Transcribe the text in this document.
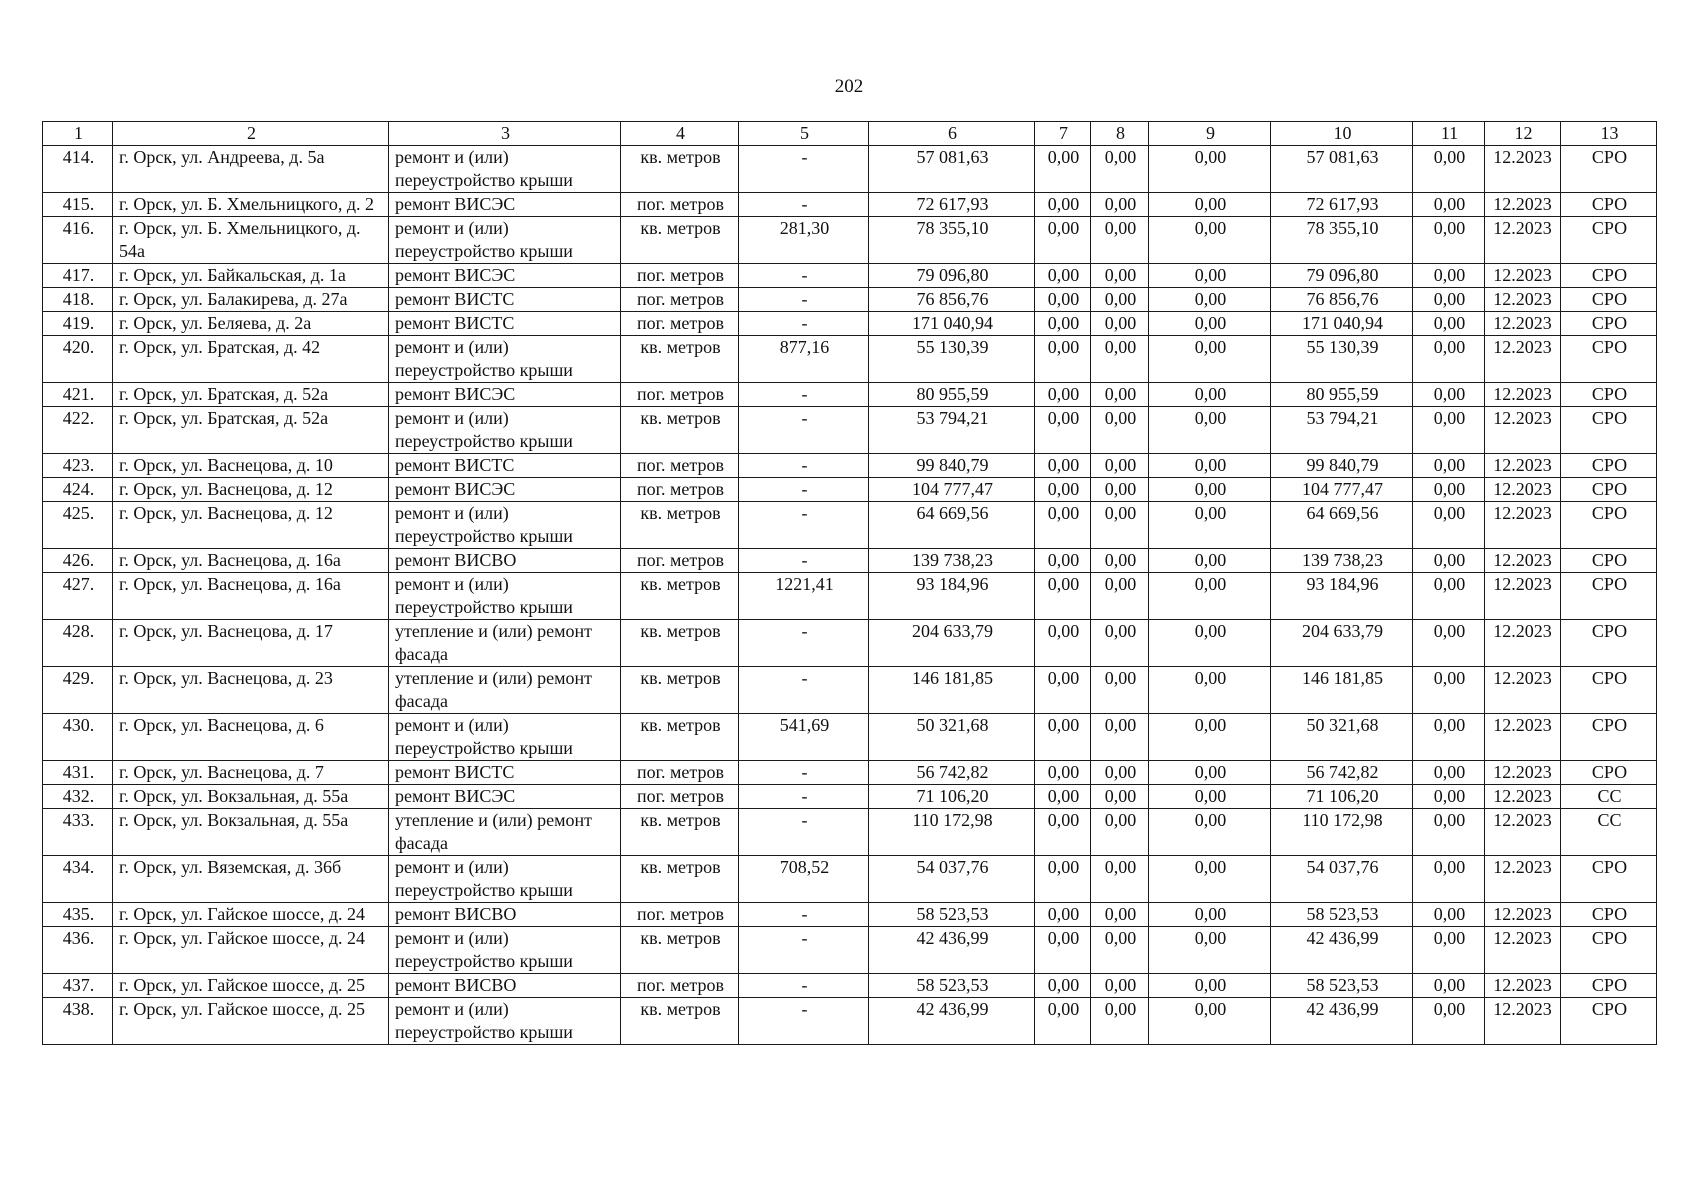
202
1	2	3	4	5	6	7	8	9	10	11	12	13
414.	г. Орск, ул. Андреева, д. 5а	ремонт и (или) переустройство крыши	кв. метров	-	57 081,63	0,00	0,00	0,00	57 081,63	0,00	12.2023	СРО
415.	г. Орск, ул. Б. Хмельницкого, д. 2	ремонт ВИСЭС	пог. метров	-	72 617,93	0,00	0,00	0,00	72 617,93	0,00	12.2023	СРО
416.	г. Орск, ул. Б. Хмельницкого, д. 54а	ремонт и (или) переустройство крыши	кв. метров	281,30	78 355,10	0,00	0,00	0,00	78 355,10	0,00	12.2023	СРО
417.	г. Орск, ул. Байкальская, д. 1а	ремонт ВИСЭС	пог. метров	-	79 096,80	0,00	0,00	0,00	79 096,80	0,00	12.2023	СРО
418.	г. Орск, ул. Балакирева, д. 27а	ремонт ВИСТС	пог. метров	-	76 856,76	0,00	0,00	0,00	76 856,76	0,00	12.2023	СРО
419.	г. Орск, ул. Беляева, д. 2а	ремонт ВИСТС	пог. метров	-	171 040,94	0,00	0,00	0,00	171 040,94	0,00	12.2023	СРО
420.	г. Орск, ул. Братская, д. 42	ремонт и (или) переустройство крыши	кв. метров	877,16	55 130,39	0,00	0,00	0,00	55 130,39	0,00	12.2023	СРО
421.	г. Орск, ул. Братская, д. 52а	ремонт ВИСЭС	пог. метров	-	80 955,59	0,00	0,00	0,00	80 955,59	0,00	12.2023	СРО
422.	г. Орск, ул. Братская, д. 52а	ремонт и (или) переустройство крыши	кв. метров	-	53 794,21	0,00	0,00	0,00	53 794,21	0,00	12.2023	СРО
423.	г. Орск, ул. Васнецова, д. 10	ремонт ВИСТС	пог. метров	-	99 840,79	0,00	0,00	0,00	99 840,79	0,00	12.2023	СРО
424.	г. Орск, ул. Васнецова, д. 12	ремонт ВИСЭС	пог. метров	-	104 777,47	0,00	0,00	0,00	104 777,47	0,00	12.2023	СРО
425.	г. Орск, ул. Васнецова, д. 12	ремонт и (или) переустройство крыши	кв. метров	-	64 669,56	0,00	0,00	0,00	64 669,56	0,00	12.2023	СРО
426.	г. Орск, ул. Васнецова, д. 16а	ремонт ВИСВО	пог. метров	-	139 738,23	0,00	0,00	0,00	139 738,23	0,00	12.2023	СРО
427.	г. Орск, ул. Васнецова, д. 16а	ремонт и (или) переустройство крыши	кв. метров	1221,41	93 184,96	0,00	0,00	0,00	93 184,96	0,00	12.2023	СРО
428.	г. Орск, ул. Васнецова, д. 17	утепление и (или) ремонт фасада	кв. метров	-	204 633,79	0,00	0,00	0,00	204 633,79	0,00	12.2023	СРО
429.	г. Орск, ул. Васнецова, д. 23	утепление и (или) ремонт фасада	кв. метров	-	146 181,85	0,00	0,00	0,00	146 181,85	0,00	12.2023	СРО
430.	г. Орск, ул. Васнецова, д. 6	ремонт и (или) переустройство крыши	кв. метров	541,69	50 321,68	0,00	0,00	0,00	50 321,68	0,00	12.2023	СРО
431.	г. Орск, ул. Васнецова, д. 7	ремонт ВИСТС	пог. метров	-	56 742,82	0,00	0,00	0,00	56 742,82	0,00	12.2023	СРО
432.	г. Орск, ул. Вокзальная, д. 55а	ремонт ВИСЭС	пог. метров	-	71 106,20	0,00	0,00	0,00	71 106,20	0,00	12.2023	СС
433.	г. Орск, ул. Вокзальная, д. 55а	утепление и (или) ремонт фасада	кв. метров	-	110 172,98	0,00	0,00	0,00	110 172,98	0,00	12.2023	СС
434.	г. Орск, ул. Вяземская, д. 36б	ремонт и (или) переустройство крыши	кв. метров	708,52	54 037,76	0,00	0,00	0,00	54 037,76	0,00	12.2023	СРО
435.	г. Орск, ул. Гайское шоссе, д. 24	ремонт ВИСВО	пог. метров	-	58 523,53	0,00	0,00	0,00	58 523,53	0,00	12.2023	СРО
436.	г. Орск, ул. Гайское шоссе, д. 24	ремонт и (или) переустройство крыши	кв. метров	-	42 436,99	0,00	0,00	0,00	42 436,99	0,00	12.2023	СРО
437.	г. Орск, ул. Гайское шоссе, д. 25	ремонт ВИСВО	пог. метров	-	58 523,53	0,00	0,00	0,00	58 523,53	0,00	12.2023	СРО
438.	г. Орск, ул. Гайское шоссе, д. 25	ремонт и (или) переустройство крыши	кв. метров	-	42 436,99	0,00	0,00	0,00	42 436,99	0,00	12.2023	СРО
